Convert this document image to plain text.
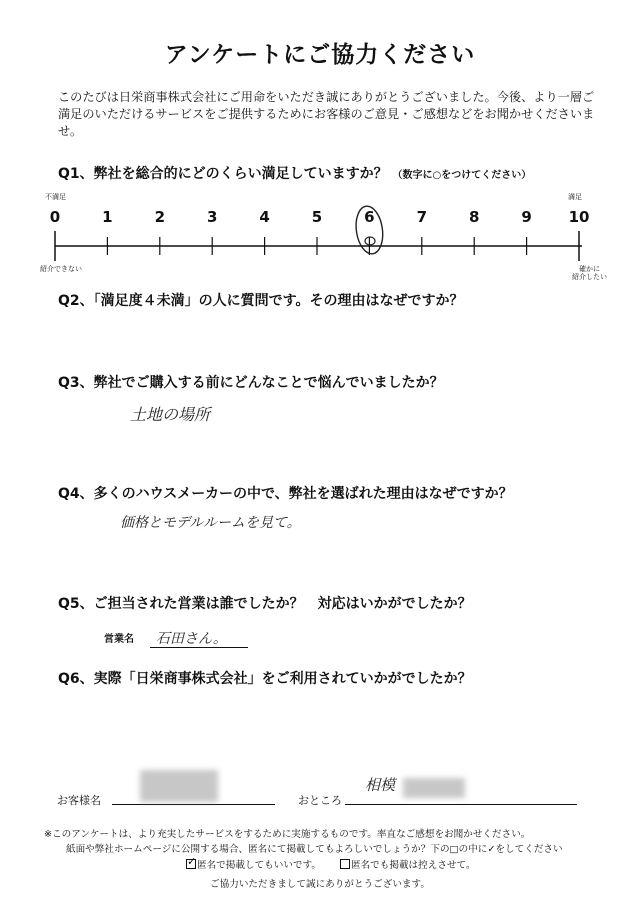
アンケートにご協力ください
このたびは日栄商事株式会社にご用命をいただき誠にありがとうございました。今後、より一層ご満足のいただけるサービスをご提供するためにお客様のご意見・ご感想などをお聞かせくださいませ。
Q1、弊社を総合的にどのくらい満足していますか？ （数字に○をつけてください）
不満足	満足
0	1	2	3	4	5	6	7	8	9	10
紹介できない	確かに
紹介したい
Q2、「満足度４未満」の人に質問です。その理由はなぜですか？
Q3、弊社でご購入する前にどんなことで悩んでいましたか？
土地の場所
Q4、多くのハウスメーカーの中で、弊社を選ばれた理由はなぜですか？
価格とモデルルームを見て。
Q5、ご担当された営業は誰でしたか？　対応はいかがでしたか？
営業名 石田さん。
Q6、実際「日栄商事株式会社」をご利用されていかがでしたか？
お客様名	おところ
相模
※このアンケートは、より充実したサービスをするために実施するものです。率直なご感想をお聞かせください。
紙面や弊社ホームページに公開する場合、匿名にて掲載してもよろしいでしょうか？下の□の中に✓をしてください
✓ 匿名で掲載してもいいです。	匿名でも掲載は控えさせて。
ご協力いただきまして誠にありがとうございます。
